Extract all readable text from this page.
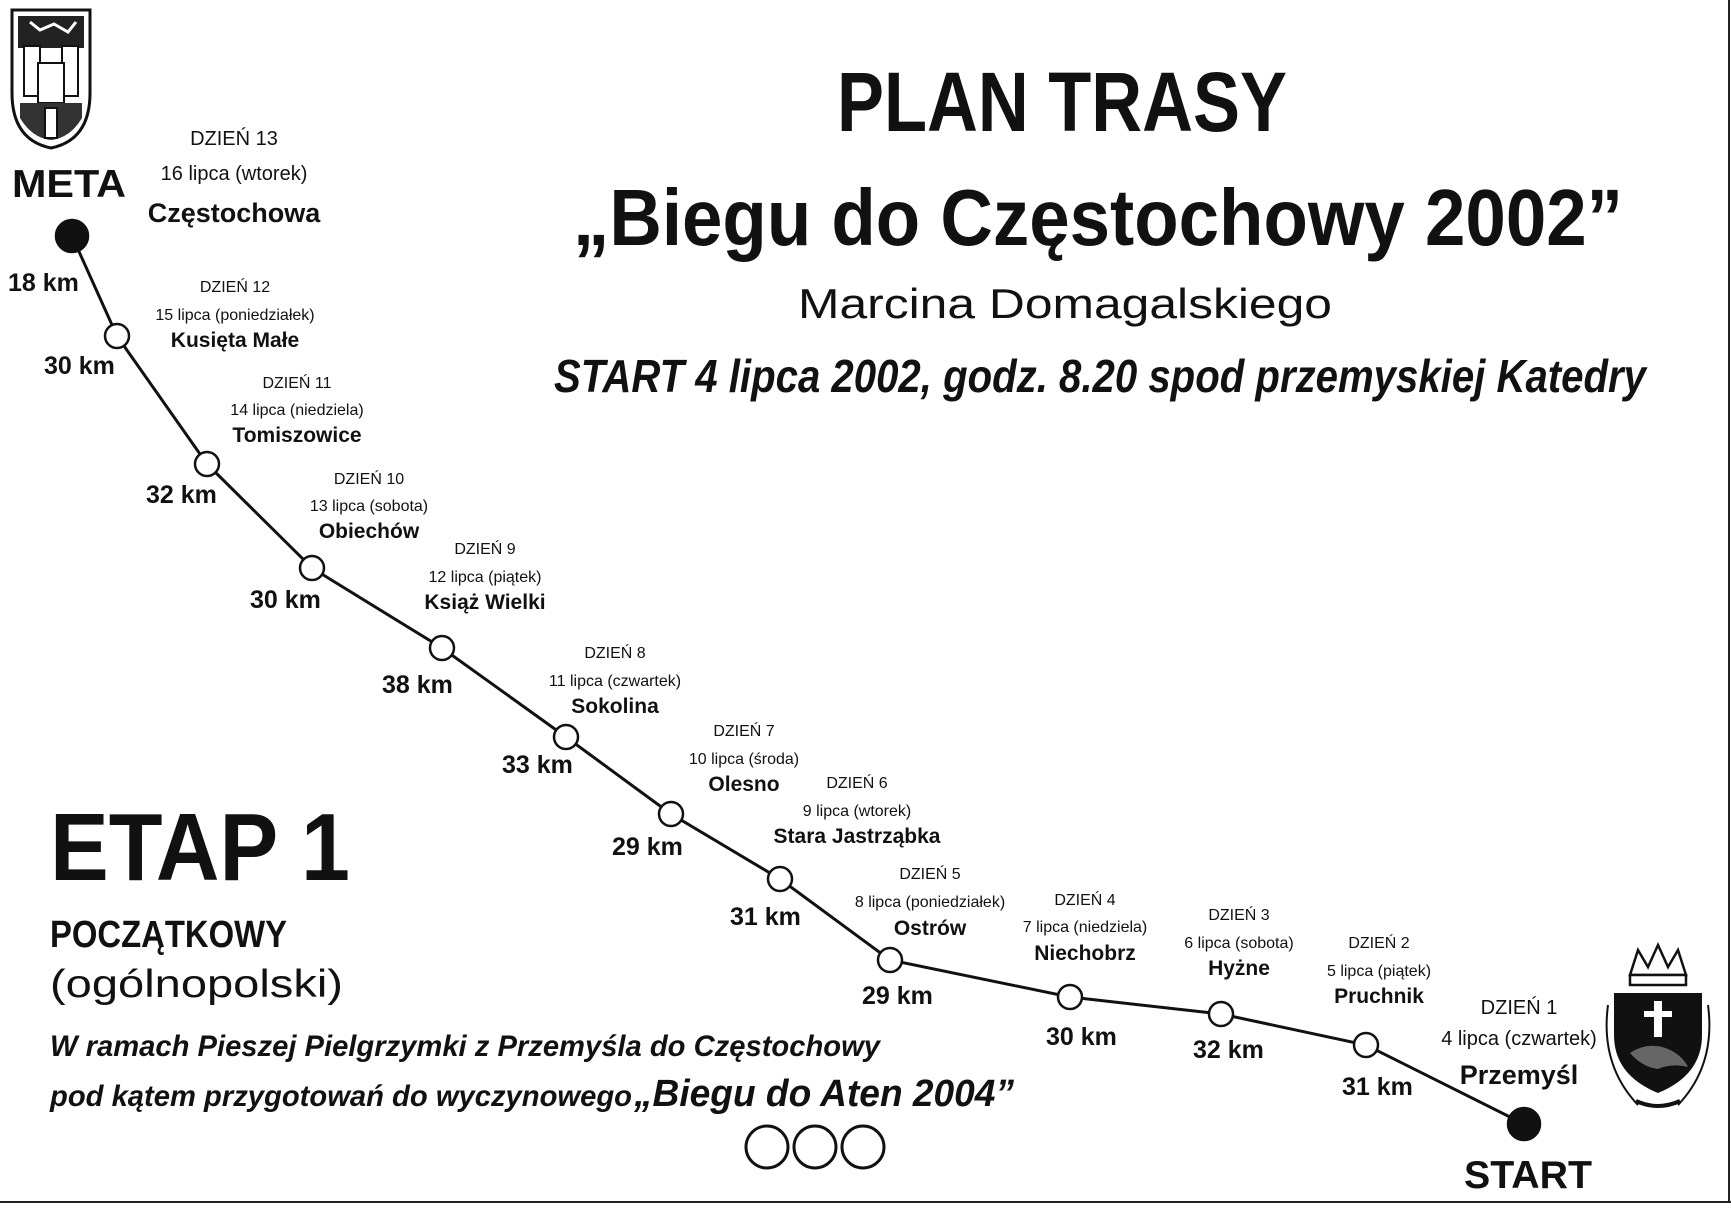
PLAN TRASY
„Biegu do Częstochowy 2002”
Marcina Domagalskiego
START 4 lipca 2002, godz. 8.20 spod przemyskiej Katedry
META
START
ETAP 1
POCZĄTKOWY
(ogólnopolski)
W ramach Pieszej Pielgrzymki z Przemyśla do Częstochowy
pod kątem przygotowań do wyczynowego „Biegu do Aten 2004”
18 km
30 km
32 km
30 km
38 km
33 km
29 km
31 km
29 km
30 km	32 km
31 km
DZIEŃ 13
16 lipca (wtorek)
Częstochowa
DZIEŃ 12
15 lipca (poniedziałek)
Kusięta Małe
DZIEŃ 11
14 lipca (niedziela)
Tomiszowice
DZIEŃ 10
13 lipca (sobota)
Obiechów
DZIEŃ 9
12 lipca (piątek)
Książ Wielki
DZIEŃ 8
11 lipca (czwartek)
Sokolina
DZIEŃ 7
10 lipca (środa)
Olesno	DZIEŃ 6
9 lipca (wtorek)
Stara Jastrząbka
DZIEŃ 5
8 lipca (poniedziałek)
Ostrów
DZIEŃ 4
7 lipca (niedziela)
Niechobrz
DZIEŃ 3
6 lipca (sobota)
Hyżne
DZIEŃ 2
5 lipca (piątek)
Pruchnik	DZIEŃ 1
4 lipca (czwartek)
Przemyśl
